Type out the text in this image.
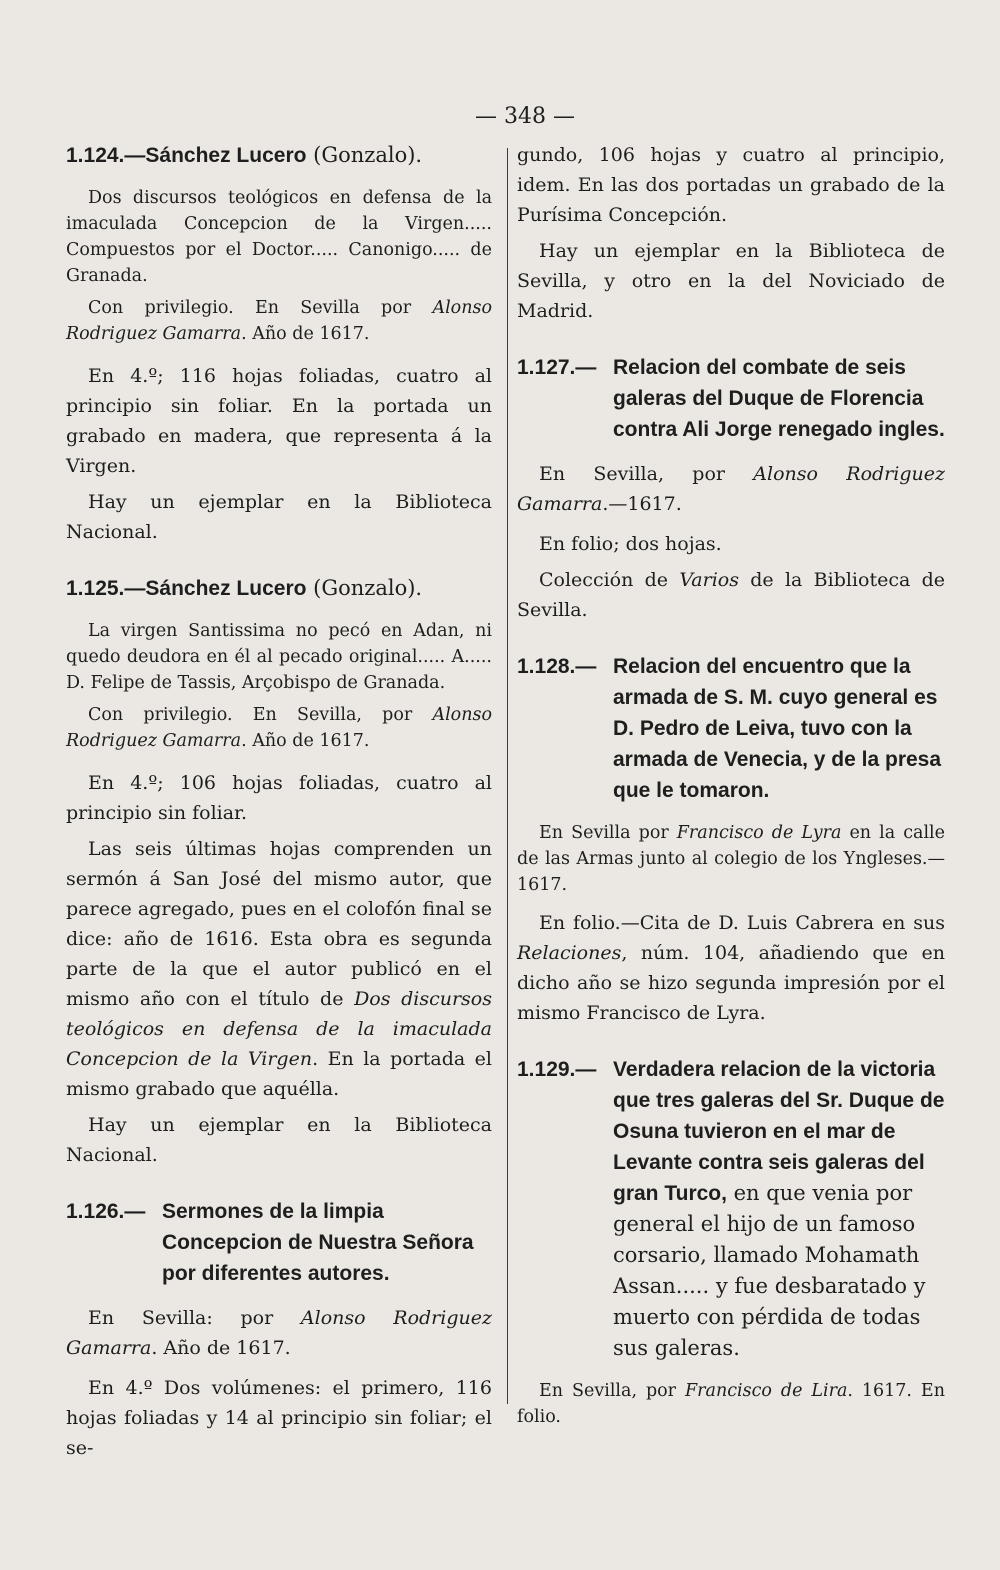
— 348 —
1.124.—Sánchez Lucero (Gonzalo).

Dos discursos teológicos en defensa de la imaculada Concepcion de la Virgen..... Compuestos por el Doctor..... Canonigo..... de Granada.

Con privilegio. En Sevilla por Alonso Rodriguez Gamarra. Año de 1617.

En 4.º; 116 hojas foliadas, cuatro al principio sin foliar. En la portada un grabado en madera, que representa á la Virgen.

Hay un ejemplar en la Biblioteca Nacional.

1.125.—Sánchez Lucero (Gonzalo).

La virgen Santissima no pecó en Adan, ni quedo deudora en él al pecado original..... A..... D. Felipe de Tassis, Arçobispo de Granada.

Con privilegio. En Sevilla, por Alonso Rodriguez Gamarra. Año de 1617.

En 4.º; 106 hojas foliadas, cuatro al principio sin foliar.

Las seis últimas hojas comprenden un sermón á San José del mismo autor, que parece agregado, pues en el colofón final se dice: año de 1616. Esta obra es segunda parte de la que el autor publicó en el mismo año con el título de Dos discursos teológicos en defensa de la imaculada Concepcion de la Virgen. En la portada el mismo grabado que aquélla.

Hay un ejemplar en la Biblioteca Nacional.

1.126.— Sermones de la limpia Concepcion de Nuestra Señora por diferentes autores.

En Sevilla: por Alonso Rodriguez Gamarra. Año de 1617.

En 4.º Dos volúmenes: el primero, 116 hojas foliadas y 14 al principio sin foliar; el se-

gundo, 106 hojas y cuatro al principio, idem. En las dos portadas un grabado de la Purísima Concepción.

Hay un ejemplar en la Biblioteca de Sevilla, y otro en la del Noviciado de Madrid.

1.127.— Relacion del combate de seis galeras del Duque de Florencia contra Ali Jorge renegado ingles.

En Sevilla, por Alonso Rodriguez Gamarra.—1617.

En folio; dos hojas.

Colección de Varios de la Biblioteca de Sevilla.

1.128.— Relacion del encuentro que la armada de S. M. cuyo general es D. Pedro de Leiva, tuvo con la armada de Venecia, y de la presa que le tomaron.

En Sevilla por Francisco de Lyra en la calle de las Armas junto al colegio de los Yngleses.—1617.

En folio.—Cita de D. Luis Cabrera en sus Relaciones, núm. 104, añadiendo que en dicho año se hizo segunda impresión por el mismo Francisco de Lyra.

1.129.— Verdadera relacion de la victoria que tres galeras del Sr. Duque de Osuna tuvieron en el mar de Levante contra seis galeras del gran Turco, en que venia por general el hijo de un famoso corsario, llamado Mohamath Assan..... y fue desbaratado y muerto con pérdida de todas sus galeras.

En Sevilla, por Francisco de Lira. 1617. En folio.
